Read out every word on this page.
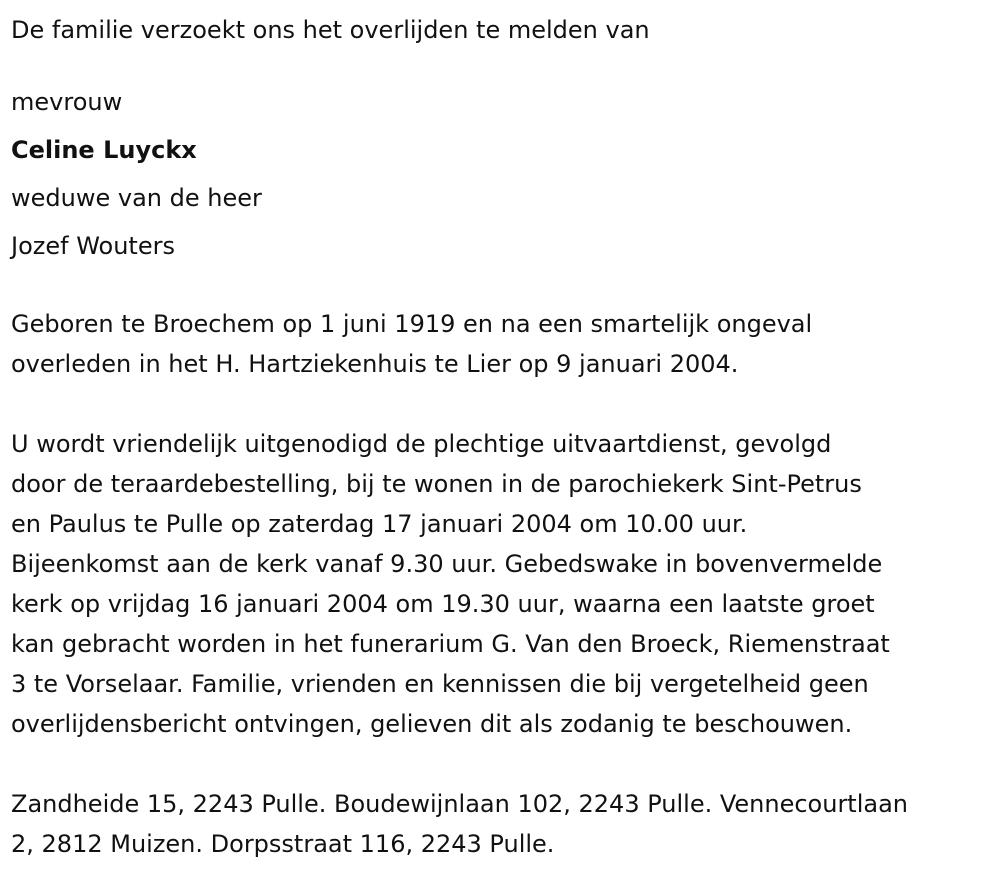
De familie verzoekt ons het overlijden te melden van

mevrouw

Celine Luyckx

weduwe van de heer

Jozef Wouters

Geboren te Broechem op 1 juni 1919 en na een smartelijk ongeval
overleden in het H. Hartziekenhuis te Lier op 9 januari 2004.

U wordt vriendelijk uitgenodigd de plechtige uitvaartdienst, gevolgd
door de teraardebestelling, bij te wonen in de parochiekerk Sint-Petrus
en Paulus te Pulle op zaterdag 17 januari 2004 om 10.00 uur.
Bijeenkomst aan de kerk vanaf 9.30 uur. Gebedswake in bovenvermelde
kerk op vrijdag 16 januari 2004 om 19.30 uur, waarna een laatste groet
kan gebracht worden in het funerarium G. Van den Broeck, Riemenstraat
3 te Vorselaar. Familie, vrienden en kennissen die bij vergetelheid geen
overlijdensbericht ontvingen, gelieven dit als zodanig te beschouwen.

Zandheide 15, 2243 Pulle. Boudewijnlaan 102, 2243 Pulle. Vennecourtlaan
2, 2812 Muizen. Dorpsstraat 116, 2243 Pulle.
